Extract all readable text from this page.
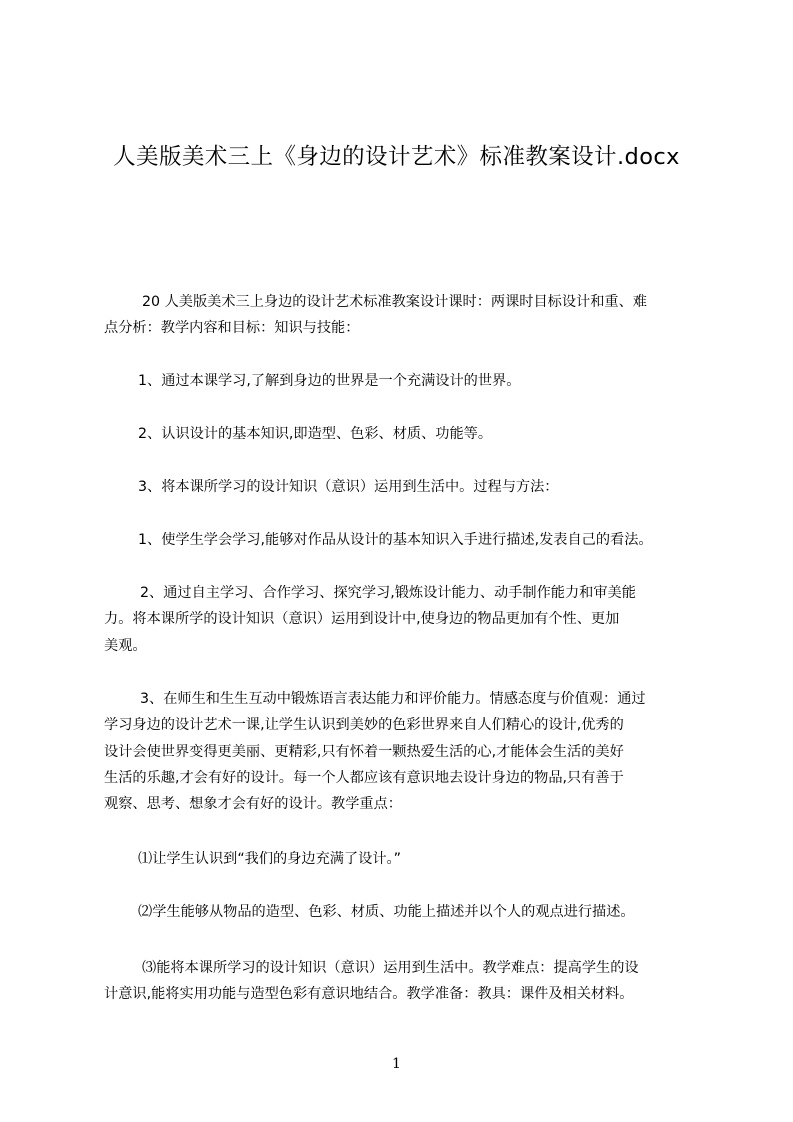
人美版美术三上《身边的设计艺术》标准教案设计.docx
20 人美版美术三上身边的设计艺术标准教案设计课时：两课时目标设计和重、难
点分析：教学内容和目标：知识与技能：
1、通过本课学习,了解到身边的世界是一个充满设计的世界。
2、认识设计的基本知识,即造型、色彩、材质、功能等。
3、将本课所学习的设计知识（意识）运用到生活中。过程与方法：
1、使学生学会学习,能够对作品从设计的基本知识入手进行描述,发表自己的看法。
2、通过自主学习、合作学习、探究学习,锻炼设计能力、动手制作能力和审美能
力。将本课所学的设计知识（意识）运用到设计中,使身边的物品更加有个性、更加
美观。
3、在师生和生生互动中锻炼语言表达能力和评价能力。情感态度与价值观：通过
学习身边的设计艺术一课,让学生认识到美妙的色彩世界来自人们精心的设计,优秀的
设计会使世界变得更美丽、更精彩,只有怀着一颗热爱生活的心,才能体会生活的美好
生活的乐趣,才会有好的设计。每一个人都应该有意识地去设计身边的物品,只有善于
观察、思考、想象才会有好的设计。教学重点：
⑴让学生认识到“我们的身边充满了设计。”
⑵学生能够从物品的造型、色彩、材质、功能上描述并以个人的观点进行描述。
⑶能将本课所学习的设计知识（意识）运用到生活中。教学难点：提高学生的设
计意识,能将实用功能与造型色彩有意识地结合。教学准备：教具：课件及相关材料。
1
